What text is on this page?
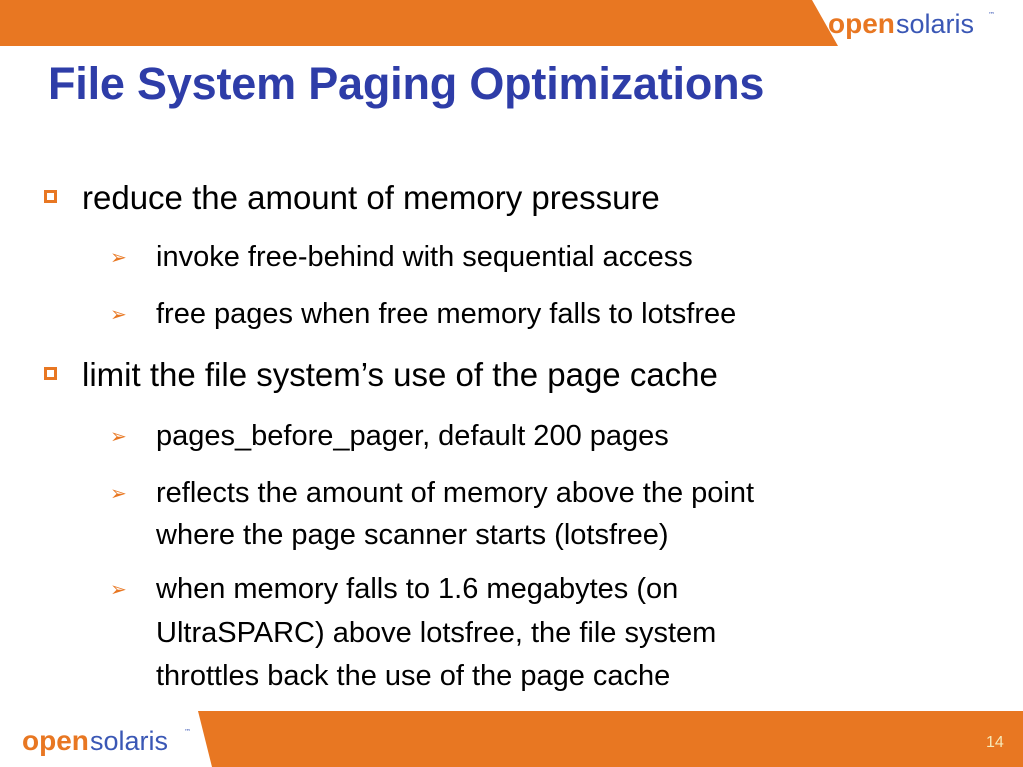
open solaris ™
File System Paging Optimizations
reduce the amount of memory pressure
➢ invoke free-behind with sequential access
➢ free pages when free memory falls to lotsfree
limit the file system’s use of the page cache
➢ pages_before_pager, default 200 pages
➢ reflects the amount of memory above the point
where the page scanner starts (lotsfree)
➢ when memory falls to 1.6 megabytes (on
UltraSPARC) above lotsfree, the file system
throttles back the use of the page cache
open solaris ™
14
